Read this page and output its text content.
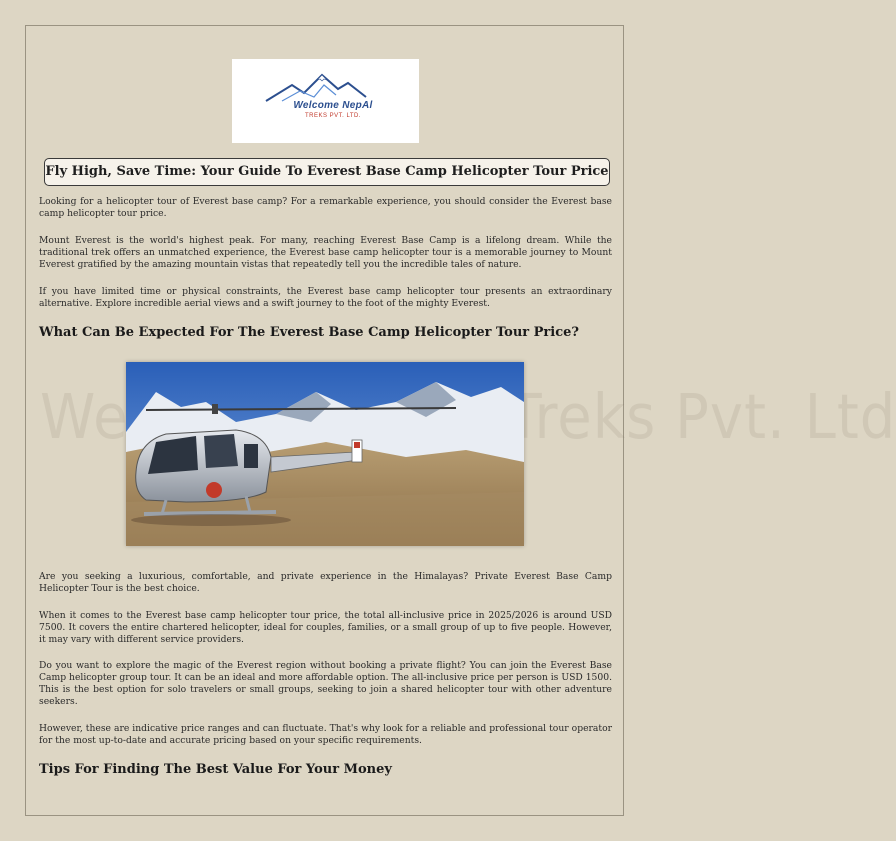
Treks Pvt. Ltd
Welcome NepAl
TREKS PVT. LTD.
Fly High, Save Time: Your Guide To Everest Base Camp Helicopter Tour Price

Looking for a helicopter tour of Everest base camp? For a remarkable experience, you should consider the Everest base camp helicopter tour price.

Mount Everest is the world's highest peak. For many, reaching Everest Base Camp is a lifelong dream. While the traditional trek offers an unmatched experience, the Everest base camp helicopter tour is a memorable journey to Mount Everest gratified by the amazing mountain vistas that repeatedly tell you the incredible tales of nature.

If you have limited time or physical constraints, the Everest base camp helicopter tour presents an extraordinary alternative. Explore incredible aerial views and a swift journey to the foot of the mighty Everest.

What Can Be Expected For The Everest Base Camp Helicopter Tour Price?

Are you seeking a luxurious, comfortable, and private experience in the Himalayas? Private Everest Base Camp Helicopter Tour is the best choice.

When it comes to the Everest base camp helicopter tour price, the total all-inclusive price in 2025/2026 is around USD 7500. It covers the entire chartered helicopter, ideal for couples, families, or a small group of up to five people. However, it may vary with different service providers.

Do you want to explore the magic of the Everest region without booking a private flight? You can join the Everest Base Camp helicopter group tour. It can be an ideal and more affordable option. The all-inclusive price per person is USD 1500. This is the best option for solo travelers or small groups, seeking to join a shared helicopter tour with other adventure seekers.

However, these are indicative price ranges and can fluctuate. That's why look for a reliable and professional tour operator for the most up-to-date and accurate pricing based on your specific requirements.

Tips For Finding The Best Value For Your Money
